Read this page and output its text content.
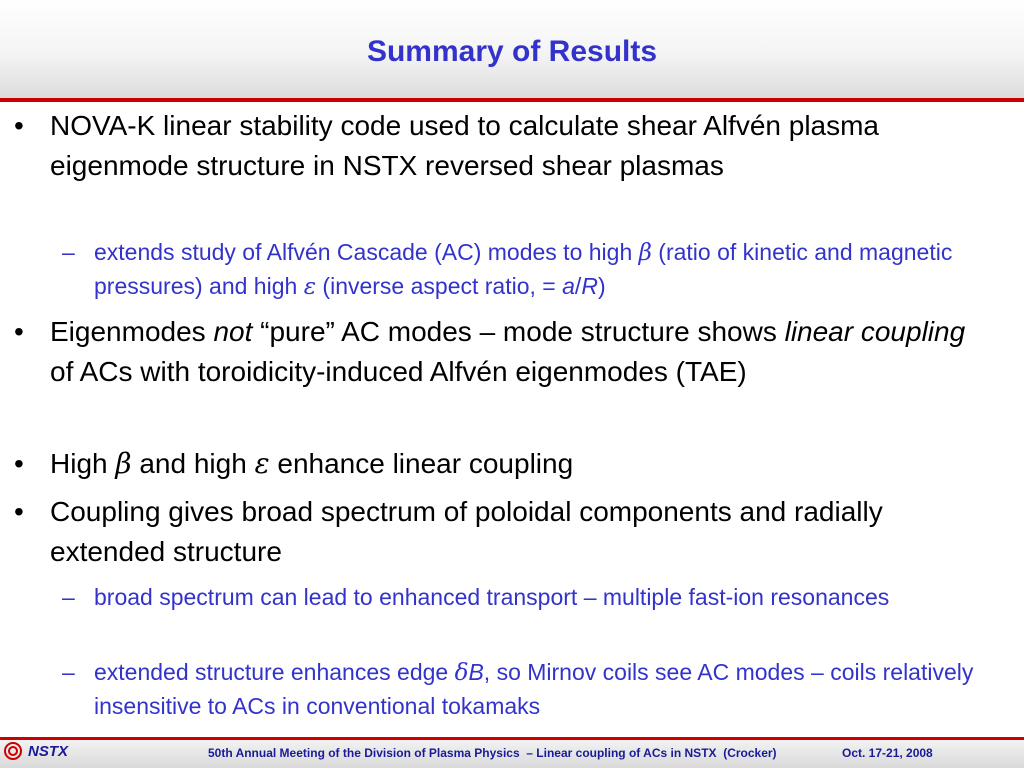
Summary of Results
• NOVA-K linear stability code used to calculate shear Alfvén plasma eigenmode structure in NSTX reversed shear plasmas
– extends study of Alfvén Cascade (AC) modes to high β (ratio of kinetic and magnetic pressures) and high ε (inverse aspect ratio, = a/R)
• Eigenmodes not “pure” AC modes – mode structure shows linear coupling of ACs with toroidicity-induced Alfvén eigenmodes (TAE)
• High β and high ε enhance linear coupling
• Coupling gives broad spectrum of poloidal components and radially extended structure
– broad spectrum can lead to enhanced transport – multiple fast-ion resonances
– extended structure enhances edge δB, so Mirnov coils see AC modes – coils relatively insensitive to ACs in conventional tokamaks
NSTX	50th Annual Meeting of the Division of Plasma Physics  – Linear coupling of ACs in NSTX  (Crocker)	Oct. 17-21, 2008
